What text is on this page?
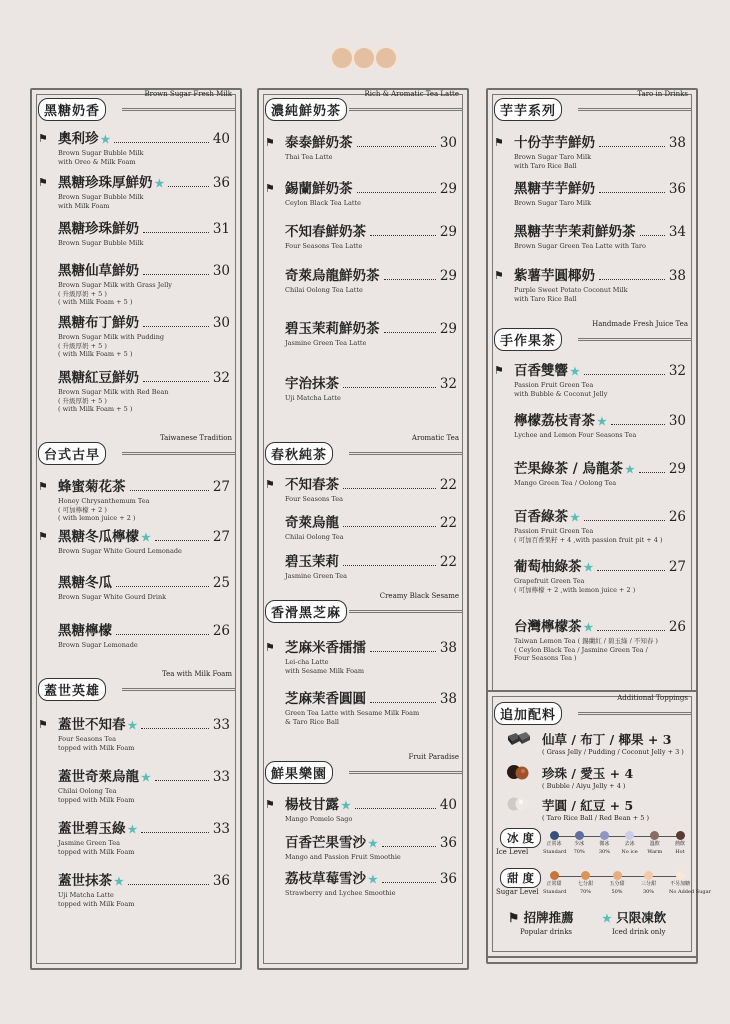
黑糖奶香
Brown Sugar Fresh Milk
⚑ 奧利珍 ★	40
Brown Sugar Bubble Milk
with Oreo & Milk Foam
⚑ 黑糖珍珠厚鮮奶 ★	36
Brown Sugar Bubble Milk
with Milk Foam
黑糖珍珠鮮奶	31
Brown Sugar Bubble Milk
黑糖仙草鮮奶	30
Brown Sugar Milk with Grass Jelly
( 升級厚奶 + 5 )
( with Milk Foam + 5 )
黑糖布丁鮮奶	30
Brown Sugar Milk with Pudding
( 升級厚奶 + 5 )
( with Milk Foam + 5 )
黑糖紅豆鮮奶	32
Brown Sugar Milk with Red Bean
( 升級厚奶 + 5 )
( with Milk Foam + 5 )
台式古早
Taiwanese Tradition
⚑ 蜂蜜菊花茶	27
Honey Chrysanthemum Tea
( 可加檸檬 + 2 )
( with lemon juice + 2 )
⚑ 黑糖冬瓜檸檬 ★	27
Brown Sugar White Gourd Lemonade
黑糖冬瓜	25
Brown Sugar White Gourd Drink
黑糖檸檬	26
Brown Sugar Lemonade
蓋世英雄
Tea with Milk Foam
⚑ 蓋世不知春 ★	33
Four Seasons Tea
topped with Milk Foam
蓋世奇萊烏龍 ★	33
Chilai Oolong Tea
topped with Milk Foam
蓋世碧玉綠 ★	33
Jasmine Green Tea
topped with Milk Foam
蓋世抹茶 ★	36
Uji Matcha Latte
topped with Milk Foam
濃純鮮奶茶
Rich & Aromatic Tea Latte
⚑ 泰泰鮮奶茶	30
Thai Tea Latte
⚑ 錫蘭鮮奶茶	29
Ceylon Black Tea Latte
不知春鮮奶茶	29
Four Seasons Tea Latte
奇萊烏龍鮮奶茶	29
Chilai Oolong Tea Latte
碧玉茉莉鮮奶茶	29
Jasmine Green Tea Latte
宇治抹茶	32
Uji Matcha Latte
春秋純茶
Aromatic Tea
⚑ 不知春茶	22
Four Seasons Tea
奇萊烏龍	22
Chilai Oolong Tea
碧玉茉莉	22
Jasmine Green Tea
香滑黑芝麻
Creamy Black Sesame
⚑ 芝麻米香擂擂	38
Lei-cha Latte
with Sesame Milk Foam
芝麻茉香圓圓	38
Green Tea Latte with Sesame Milk Foam
& Taro Rice Ball
鮮果樂園
Fruit Paradise
⚑ 楊枝甘露 ★	40
Mango Pomelo Sago
百香芒果雪沙 ★	36
Mango and Passion Fruit Smoothie
荔枝草莓雪沙 ★	36
Strawberry and Lychee Smoothie
芋芋系列
Taro in Drinks
⚑ 十份芋芋鮮奶	38
Brown Sugar Taro Milk
with Taro Rice Ball
黑糖芋芋鮮奶	36
Brown Sugar Taro Milk
黑糖芋芋茉莉鮮奶茶 34
Brown Sugar Green Tea Latte with Taro
⚑ 紫薯芋圓椰奶	38
Purple Sweet Potato Coconut Milk
with Taro Rice Ball
手作果茶
Handmade Fresh Juice Tea
⚑ 百香雙響 ★	32
Passion Fruit Green Tea
with Bubble & Coconut Jelly
檸檬荔枝青茶 ★	30
Lychee and Lemon Four Seasons Tea
芒果綠茶 / 烏龍茶 ★	29
Mango Green Tea / Oolong Tea
百香綠茶 ★	26
Passion Fruit Green Tea
( 可加百香果籽 + 4 ,with passion fruit pit + 4 )
葡萄柚綠茶 ★	27
Grapefruit Green Tea
( 可加檸檬 + 2 ,with lemon juice + 2 )
台灣檸檬茶 ★	26
Taiwan Lemon Tea ( 錫蘭紅 / 碧玉綠 / 不知春 )
( Ceylon Black Tea / Jasmine Green Tea /
Four Seasons Tea )
追加配料
Additional Toppings
仙草 / 布丁 / 椰果 + 3
( Grass Jelly / Pudding / Coconut Jelly + 3 )
珍珠 / 愛玉 + 4
( Bubble / Aiyu Jelly + 4 )
芋圓 / 紅豆 + 5
( Taro Rice Ball / Red Bean + 5 )
冰 度
Ice Level
正常冰
Standard
少冰
70%
微冰
30%
去冰
No ice
溫飲
Warm
熱飲
Hot
甜 度
Sugar Level
正常甜
Standard
七分甜
70%
五分甜
50%
三分甜
30%
不另加糖
No Added Sugar
⚑ 招牌推薦
Popular drinks
★ 只限凍飲
Iced drink only
